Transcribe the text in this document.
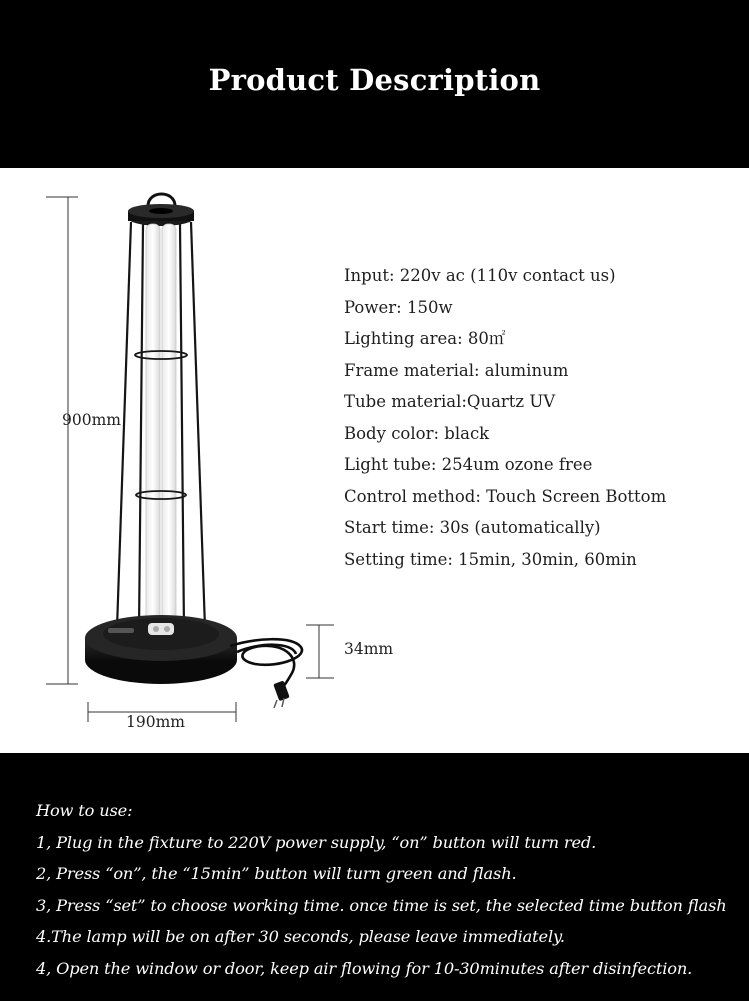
Product Description
900mm
190mm
34mm
Input: 220v ac (110v contact us)
Power: 150w
Lighting area: 80㎡
Frame material: aluminum
Tube material:Quartz UV
Body color: black
Light tube: 254um ozone free
Control method: Touch Screen Bottom
Start time: 30s (automatically)
Setting time: 15min, 30min, 60min
How to use:
1, Plug in the fixture to 220V power supply, “on” button will turn red.
2, Press “on”, the “15min” button will turn green and flash.
3, Press “set” to choose working time. once time is set, the selected time button flash
4.The lamp will be on after 30 seconds, please leave immediately.
4, Open the window or door, keep air flowing for 10-30minutes after disinfection.
